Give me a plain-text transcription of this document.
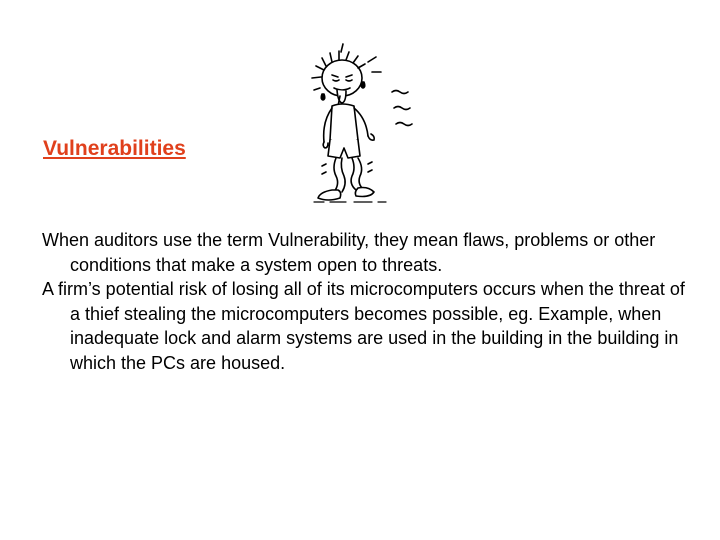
Vulnerabilities

When auditors use the term Vulnerability, they mean flaws, problems or other conditions that make a system open to threats.

A firm’s potential risk of losing all of its microcomputers occurs when the threat of a thief stealing the microcomputers becomes possible, eg. Example, when inadequate lock and alarm systems are used in the building in the building in which the PCs are housed.
